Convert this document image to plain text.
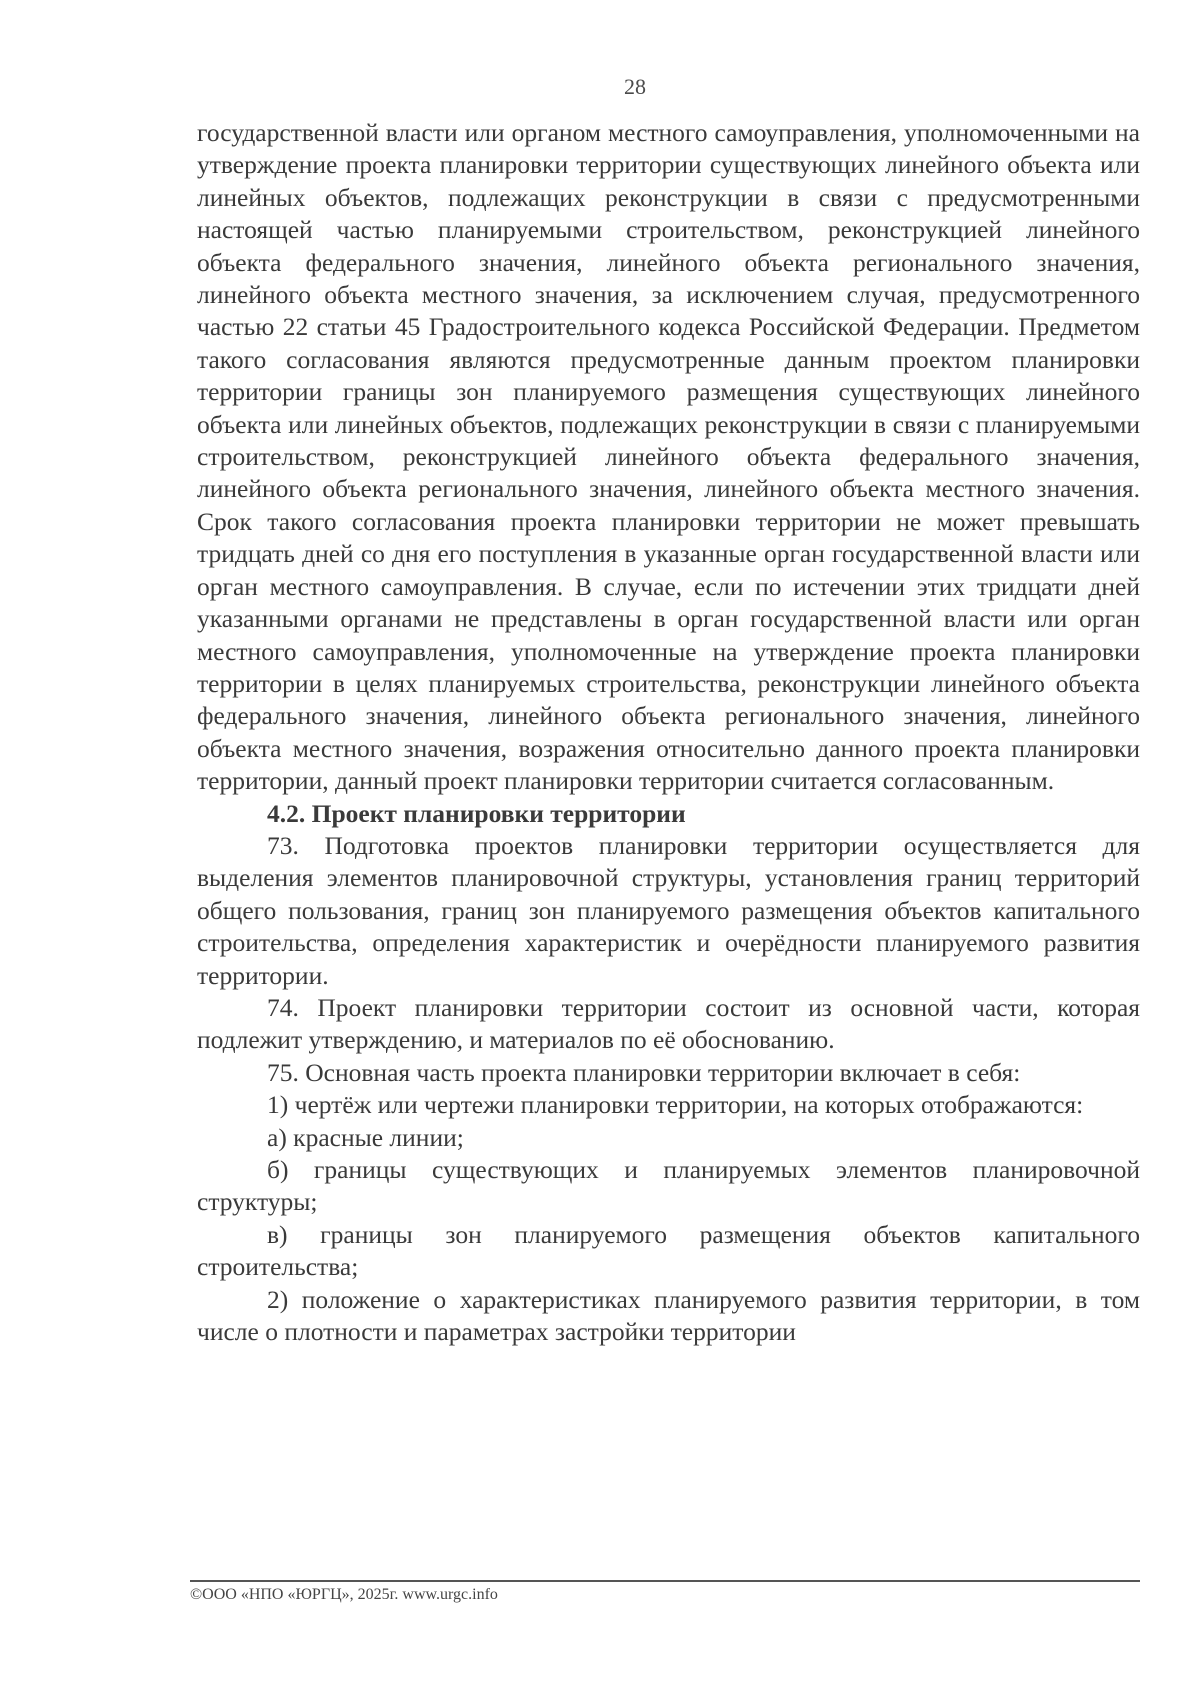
28

государственной власти или органом местного самоуправления, уполномоченными на утверждение проекта планировки территории существующих линейного объекта или линейных объектов, подлежащих реконструкции в связи с предусмотренными настоящей частью планируемыми строительством, реконструкцией линейного объекта федерального значения, линейного объекта регионального значения, линейного объекта местного значения, за исключением случая, предусмотренного частью 22 статьи 45 Градостроительного кодекса Российской Федерации. Предметом такого согласования являются предусмотренные данным проектом планировки территории границы зон планируемого размещения существующих линейного объекта или линейных объектов, подлежащих реконструкции в связи с планируемыми строительством, реконструкцией линейного объекта федерального значения, линейного объекта регионального значения, линейного объекта местного значения. Срок такого согласования проекта планировки территории не может превышать тридцать дней со дня его поступления в указанные орган государственной власти или орган местного самоуправления. В случае, если по истечении этих тридцати дней указанными органами не представлены в орган государственной власти или орган местного самоуправления, уполномоченные на утверждение проекта планировки территории в целях планируемых строительства, реконструкции линейного объекта федерального значения, линейного объекта регионального значения, линейного объекта местного значения, возражения относительно данного проекта планировки территории, данный проект планировки территории считается согласованным.

4.2. Проект планировки территории

73. Подготовка проектов планировки территории осуществляется для выделения элементов планировочной структуры, установления границ территорий общего пользования, границ зон планируемого размещения объектов капитального строительства, определения характеристик и очерёдности планируемого развития территории.

74. Проект планировки территории состоит из основной части, которая подлежит утверждению, и материалов по её обоснованию.

75. Основная часть проекта планировки территории включает в себя:

1) чертёж или чертежи планировки территории, на которых отображаются:

а) красные линии;

б) границы существующих и планируемых элементов планировочной структуры;

в) границы зон планируемого размещения объектов капитального строительства;

2) положение о характеристиках планируемого развития территории, в том числе о плотности и параметрах застройки территории

©ООО «НПО «ЮРГЦ», 2025г. www.urgc.info
